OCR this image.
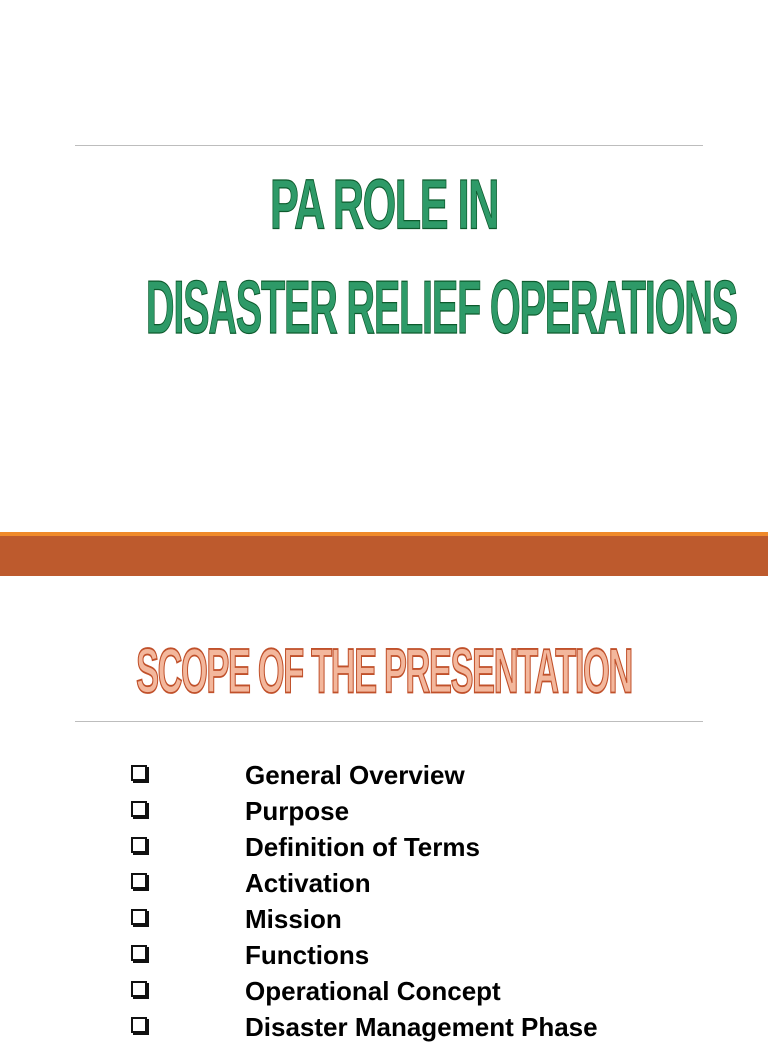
PA ROLE IN
DISASTER RELIEF OPERATIONS
SCOPE OF THE PRESENTATION
General Overview
Purpose
Definition of Terms
Activation
Mission
Functions
Operational Concept
Disaster Management Phase
